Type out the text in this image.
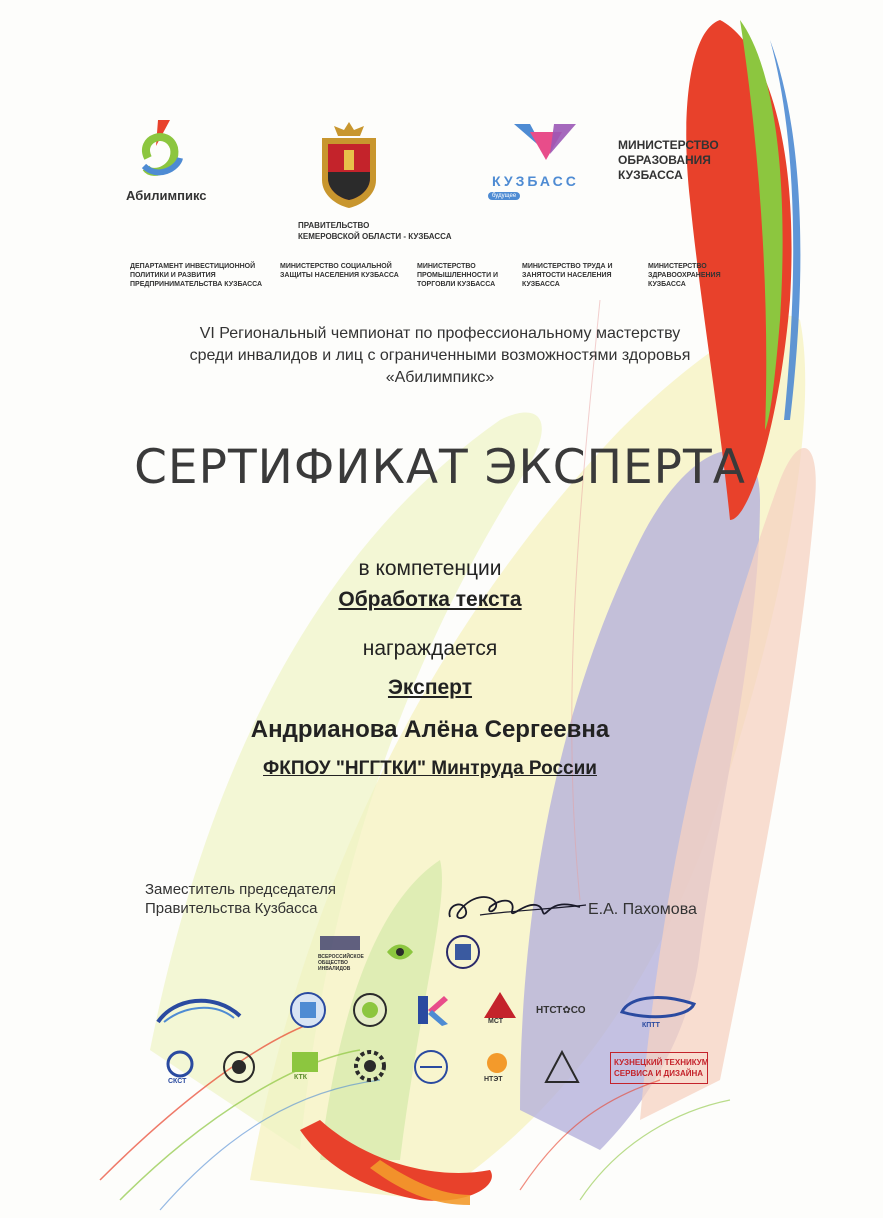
Абилимпикс
ПРАВИТЕЛЬСТВО
КЕМЕРОВСКОЙ ОБЛАСТИ - КУЗБАССА
КУЗБАСС
будущее
МИНИСТЕРСТВО
ОБРАЗОВАНИЯ
КУЗБАССА
ДЕПАРТАМЕНТ ИНВЕСТИЦИОННОЙ ПОЛИТИКИ И РАЗВИТИЯ ПРЕДПРИНИМАТЕЛЬСТВА КУЗБАССА
МИНИСТЕРСТВО СОЦИАЛЬНОЙ ЗАЩИТЫ НАСЕЛЕНИЯ КУЗБАССА
МИНИСТЕРСТВО ПРОМЫШЛЕННОСТИ И ТОРГОВЛИ КУЗБАССА
МИНИСТЕРСТВО ТРУДА И ЗАНЯТОСТИ НАСЕЛЕНИЯ КУЗБАССА
МИНИСТЕРСТВО ЗДРАВООХРАНЕНИЯ КУЗБАССА
VI Региональный чемпионат по профессиональному мастерству
среди инвалидов и лиц с ограниченными возможностями здоровья
«Абилимпикс»
СЕРТИФИКАТ ЭКСПЕРТА
в компетенции
Обработка текста
награждается
Эксперт
Андрианова Алёна Сергеевна
ФКПОУ "НГГТКИ" Минтруда России
Заместитель председателя
Правительства Кузбасса	Е.А. Пахомова
ВСЕРОССИЙСКОЕ ОБЩЕСТВО ИНВАЛИДОВ
МСТ
НТСТ✿СО
КПТТ
СКСТ
КТК	НТЭТ
КУЗНЕЦКИЙ ТЕХНИКУМ
СЕРВИСА И ДИЗАЙНА
